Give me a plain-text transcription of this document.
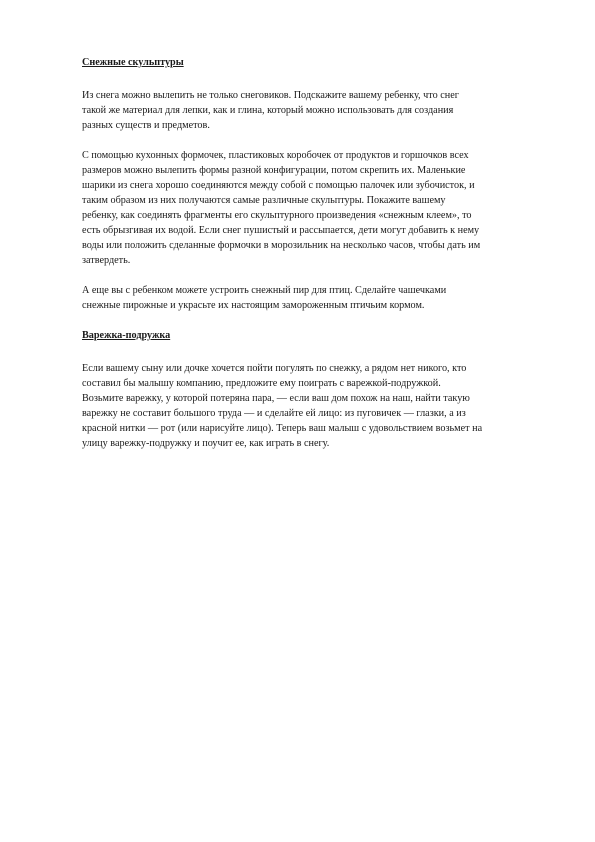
Снежные скульптуры
Из снега можно вылепить не только снеговиков. Подскажите вашему ребенку, что снег
такой же материал для лепки, как и глина, который можно использовать для создания
разных существ и предметов.
С помощью кухонных формочек, пластиковых коробочек от продуктов и горшочков всех
размеров можно вылепить формы разной конфигурации, потом скрепить их. Маленькие
шарики из снега хорошо соединяются между собой с помощью палочек или зубочисток, и
таким образом из них получаются самые различные скульптуры. Покажите вашему
ребенку, как соединять фрагменты его скульптурного произведения «снежным клеем», то
есть обрызгивая их водой. Если снег пушистый и рассыпается, дети могут добавить к нему
воды или положить сделанные формочки в морозильник на несколько часов, чтобы дать им
затвердеть.
А еще вы с ребенком можете устроить снежный пир для птиц. Сделайте чашечками
снежные пирожные и украсьте их настоящим замороженным птичьим кормом.
Варежка-подружка
Если вашему сыну или дочке хочется пойти погулять по снежку, а рядом нет никого, кто
составил бы малышу компанию, предложите ему поиграть с варежкой-подружкой.
Возьмите варежку, у которой потеряна пара, — если ваш дом похож на наш, найти такую
варежку не составит большого труда — и сделайте ей лицо: из пуговичек — глазки, а из
красной нитки — рот (или нарисуйте лицо). Теперь ваш малыш с удовольствием возьмет на
улицу варежку-подружку и поучит ее, как играть в снегу.
